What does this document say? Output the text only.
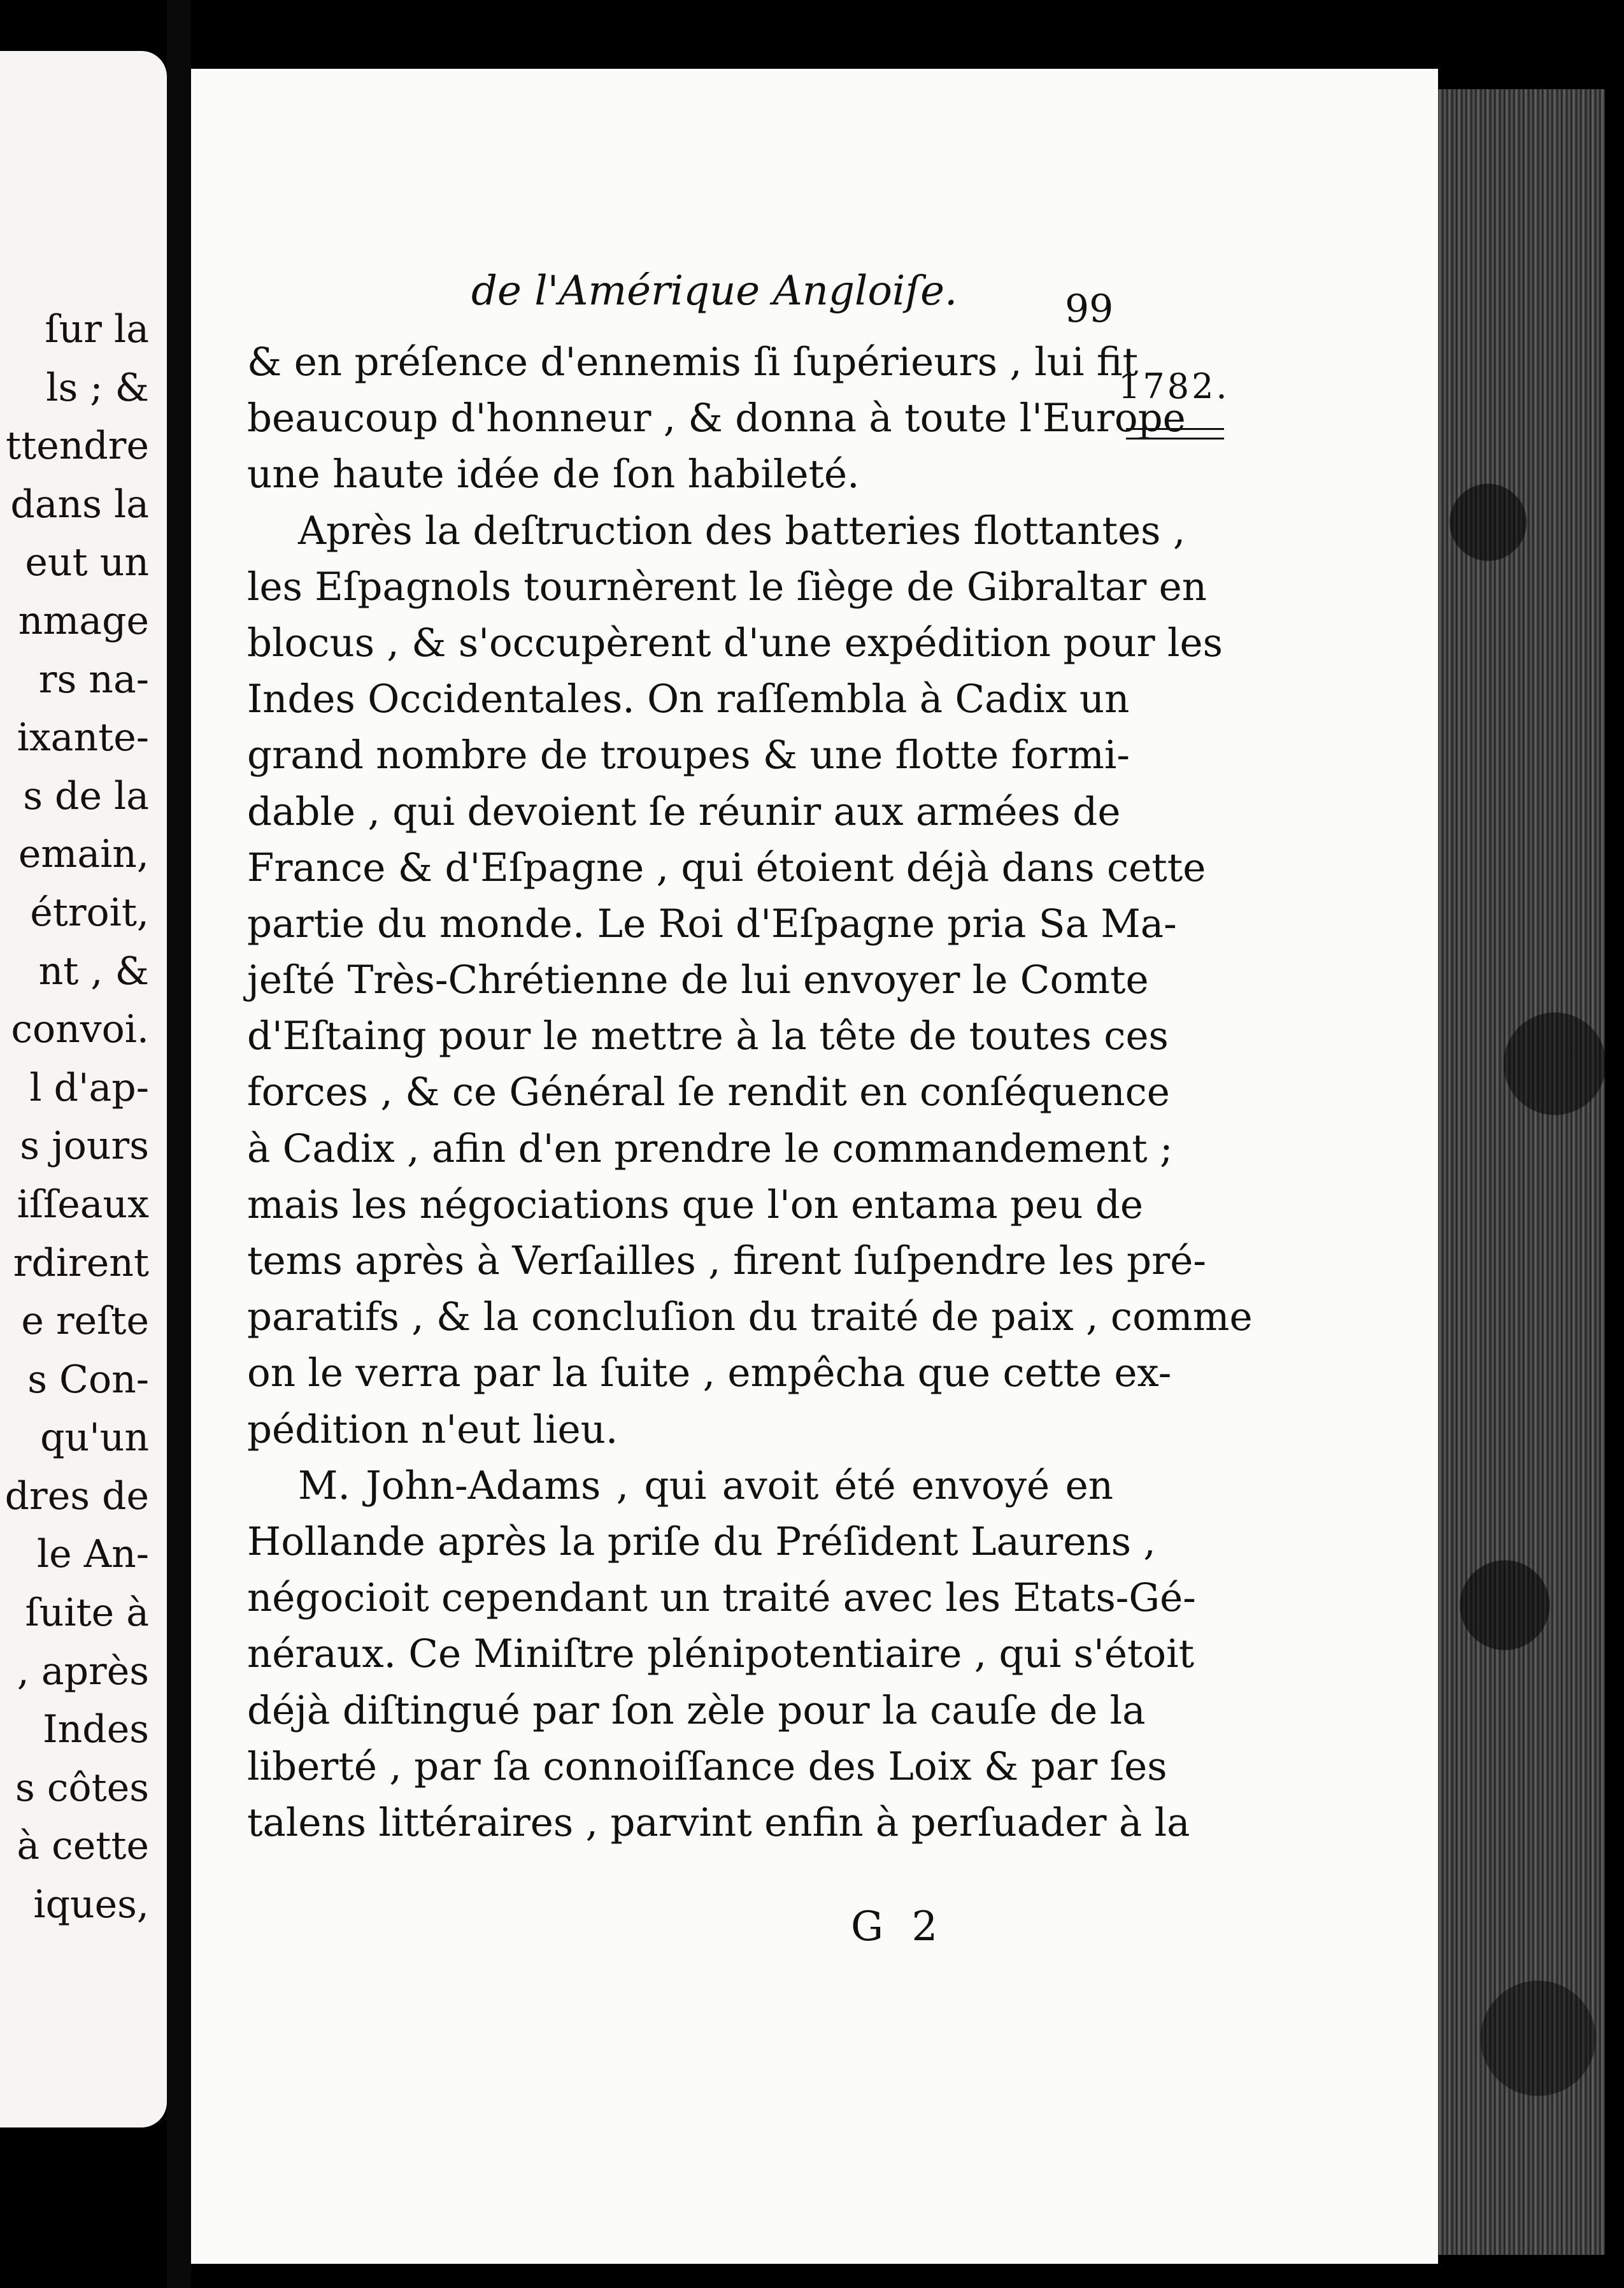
ſur la
ls ; &
ttendre
dans la
eut un
nmage
rs na-
ixante-
s de la
emain,
étroit,
nt , &
convoi.
l d'ap-
s jours
iſſeaux
rdirent
e reſte
s Con-
qu'un
dres de
le An-
ſuite à
, après
Indes
s côtes
à cette
iques,
de l'Amérique Angloiſe.	99
1782.
& en préſence d'ennemis ſi ſupérieurs , lui fit
beaucoup d'honneur , & donna à toute l'Europe
une haute idée de ſon habileté.
Après la deſtruction des batteries flottantes ,
les Eſpagnols tournèrent le ſiège de Gibraltar en
blocus , & s'occupèrent d'une expédition pour les
Indes Occidentales. On raſſembla à Cadix un
grand nombre de troupes & une flotte formi-
dable , qui devoient ſe réunir aux armées de
France & d'Eſpagne , qui étoient déjà dans cette
partie du monde. Le Roi d'Eſpagne pria Sa Ma-
jeſté Très-Chrétienne de lui envoyer le Comte
d'Eſtaing pour le mettre à la tête de toutes ces
forces , & ce Général ſe rendit en conſéquence
à Cadix , afin d'en prendre le commandement ;
mais les négociations que l'on entama peu de
tems après à Verſailles , firent ſuſpendre les pré-
paratifs , & la concluſion du traité de paix , comme
on le verra par la ſuite , empêcha que cette ex-
pédition n'eut lieu.
M. John-Adams , qui avoit été envoyé en
Hollande après la priſe du Préſident Laurens ,
négocioit cependant un traité avec les Etats-Gé-
néraux. Ce Miniſtre plénipotentiaire , qui s'étoit
déjà diſtingué par ſon zèle pour la cauſe de la
liberté , par ſa connoiſſance des Loix & par ſes
talens littéraires , parvint enfin à perſuader à la
G 2
